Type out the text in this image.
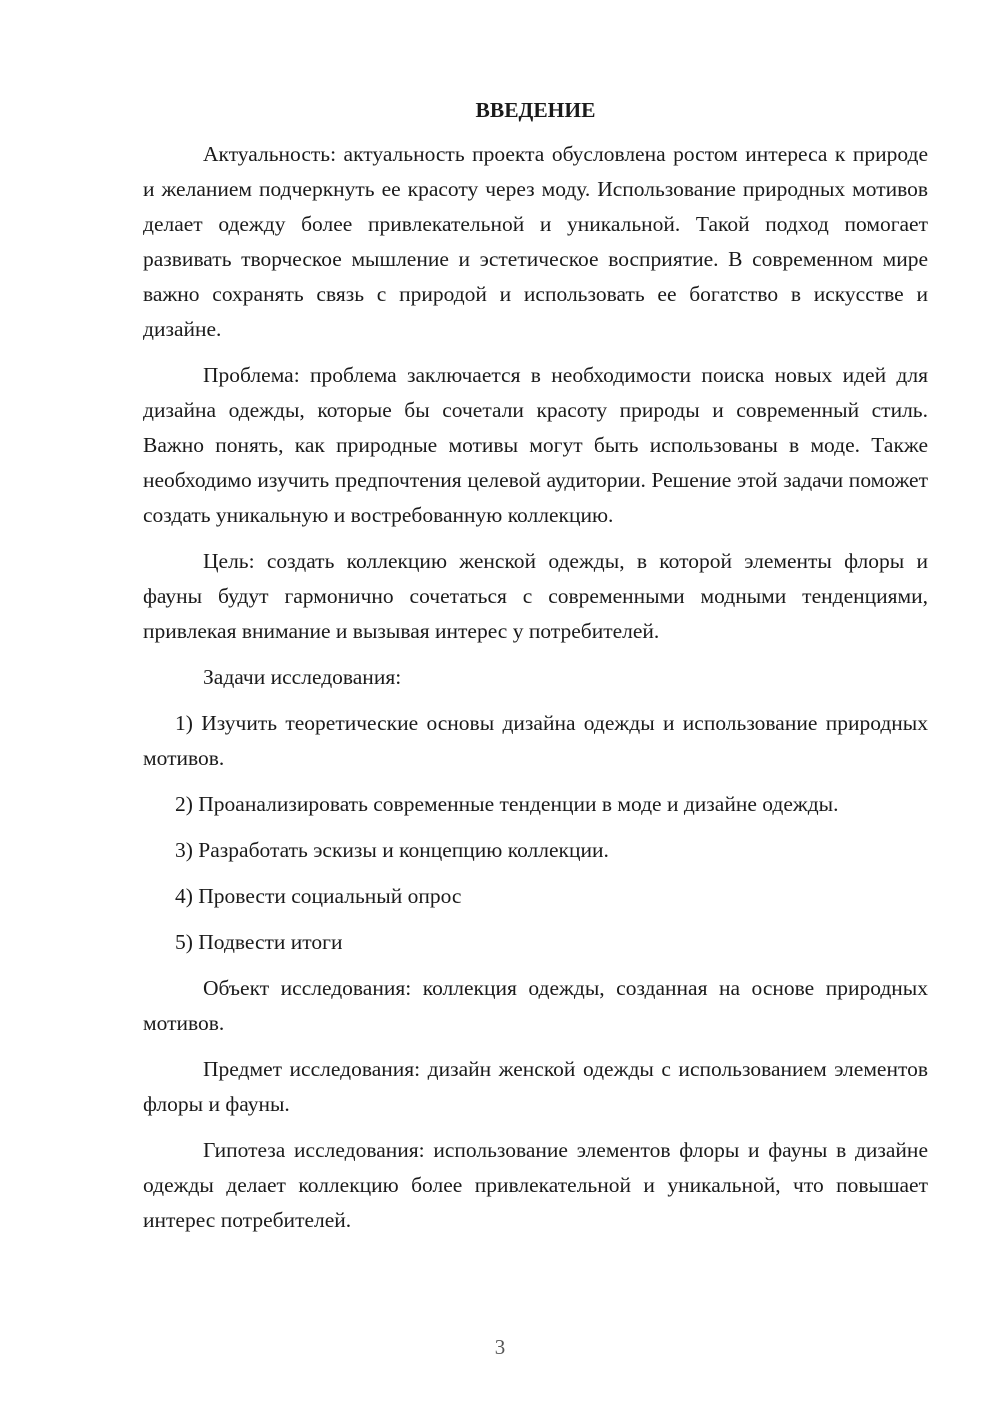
ВВЕДЕНИЕ
Актуальность: актуальность проекта обусловлена ростом интереса к природе и желанием подчеркнуть ее красоту через моду. Использование природных мотивов делает одежду более привлекательной и уникальной. Такой подход помогает развивать творческое мышление и эстетическое восприятие. В современном мире важно сохранять связь с природой и использовать ее богатство в искусстве и дизайне.
Проблема: проблема заключается в необходимости поиска новых идей для дизайна одежды, которые бы сочетали красоту природы и современный стиль. Важно понять, как природные мотивы могут быть использованы в моде. Также необходимо изучить предпочтения целевой аудитории. Решение этой задачи поможет создать уникальную и востребованную коллекцию.
Цель: создать коллекцию женской одежды, в которой элементы флоры и фауны будут гармонично сочетаться с современными модными тенденциями, привлекая внимание и вызывая интерес у потребителей.
Задачи исследования:
1) Изучить теоретические основы дизайна одежды и использование природных мотивов.
2) Проанализировать современные тенденции в моде и дизайне одежды.
3) Разработать эскизы и концепцию коллекции.
4) Провести социальный опрос
5) Подвести итоги
Объект исследования: коллекция одежды, созданная на основе природных мотивов.
Предмет исследования: дизайн женской одежды с использованием элементов флоры и фауны.
Гипотеза исследования: использование элементов флоры и фауны в дизайне одежды делает коллекцию более привлекательной и уникальной, что повышает интерес потребителей.
3
